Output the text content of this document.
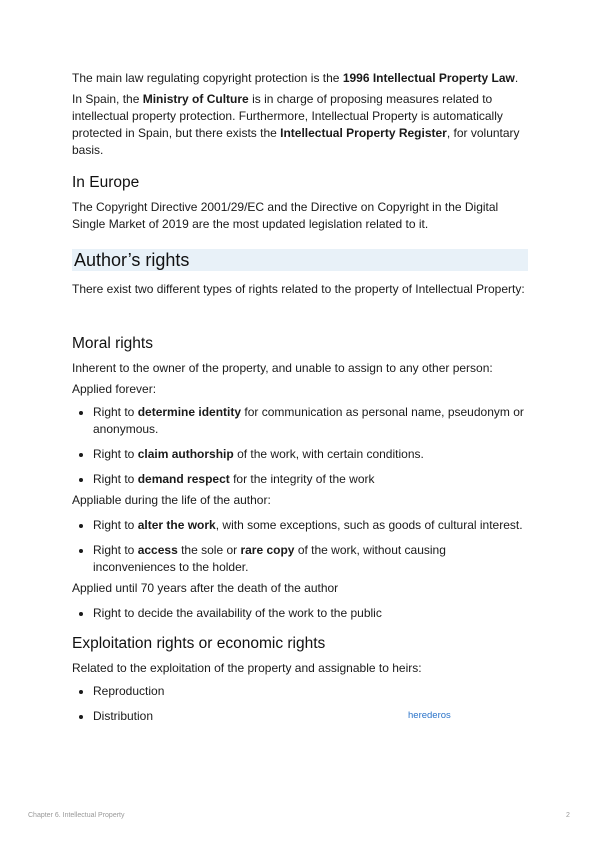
The main law regulating copyright protection is the 1996 Intellectual Property Law.

In Spain, the Ministry of Culture is in charge of proposing measures related to intellectual property protection. Furthermore, Intellectual Property is automatically protected in Spain, but there exists the Intellectual Property Register, for voluntary basis.

In Europe

The Copyright Directive 2001/29/EC and the Directive on Copyright in the Digital Single Market of 2019 are the most updated legislation related to it.

Author’s rights

There exist two different types of rights related to the property of Intellectual Property:

Moral rights

Inherent to the owner of the property, and unable to assign to any other person:

Applied forever:

• Right to determine identity for communication as personal name, pseudonym or anonymous.
• Right to claim authorship of the work, with certain conditions.
• Right to demand respect for the integrity of the work

Appliable during the life of the author:

• Right to alter the work, with some exceptions, such as goods of cultural interest.
• Right to access the sole or rare copy of the work, without causing inconveniences to the holder.

Applied until 70 years after the death of the author

• Right to decide the availability of the work to the public
Exploitation rights or economic rights

Related to the exploitation of the property and assignable to heirs:

• Reproduction
• Distribution	herederos
Chapter 6. Intellectual Property	2
